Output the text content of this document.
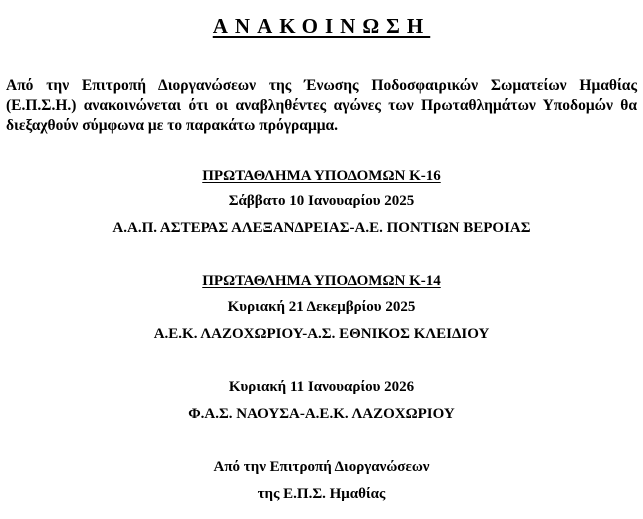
ΑΝΑΚΟΙΝΩΣΗ

Από την Επιτροπή Διοργανώσεων της Ένωσης Ποδοσφαιρικών Σωματείων Ημαθίας (Ε.Π.Σ.Η.) ανακοινώνεται ότι οι αναβληθέντες αγώνες των Πρωταθλημάτων Υποδομών θα διεξαχθούν σύμφωνα με το παρακάτω πρόγραμμα.

ΠΡΩΤΑΘΛΗΜΑ ΥΠΟΔΟΜΩΝ Κ-16

Σάββατο 10 Ιανουαρίου 2025

Α.Α.Π. ΑΣΤΕΡΑΣ ΑΛΕΞΑΝΔΡΕΙΑΣ-Α.Ε. ΠΟΝΤΙΩΝ ΒΕΡΟΙΑΣ

ΠΡΩΤΑΘΛΗΜΑ ΥΠΟΔΟΜΩΝ Κ-14

Κυριακή 21 Δεκεμβρίου 2025

Α.Ε.Κ. ΛΑΖΟΧΩΡΙΟΥ-Α.Σ. ΕΘΝΙΚΟΣ ΚΛΕΙΔΙΟΥ

Κυριακή 11 Ιανουαρίου 2026

Φ.Α.Σ. ΝΑΟΥΣΑ-Α.Ε.Κ. ΛΑΖΟΧΩΡΙΟΥ

Από την Επιτροπή Διοργανώσεων

της Ε.Π.Σ. Ημαθίας
